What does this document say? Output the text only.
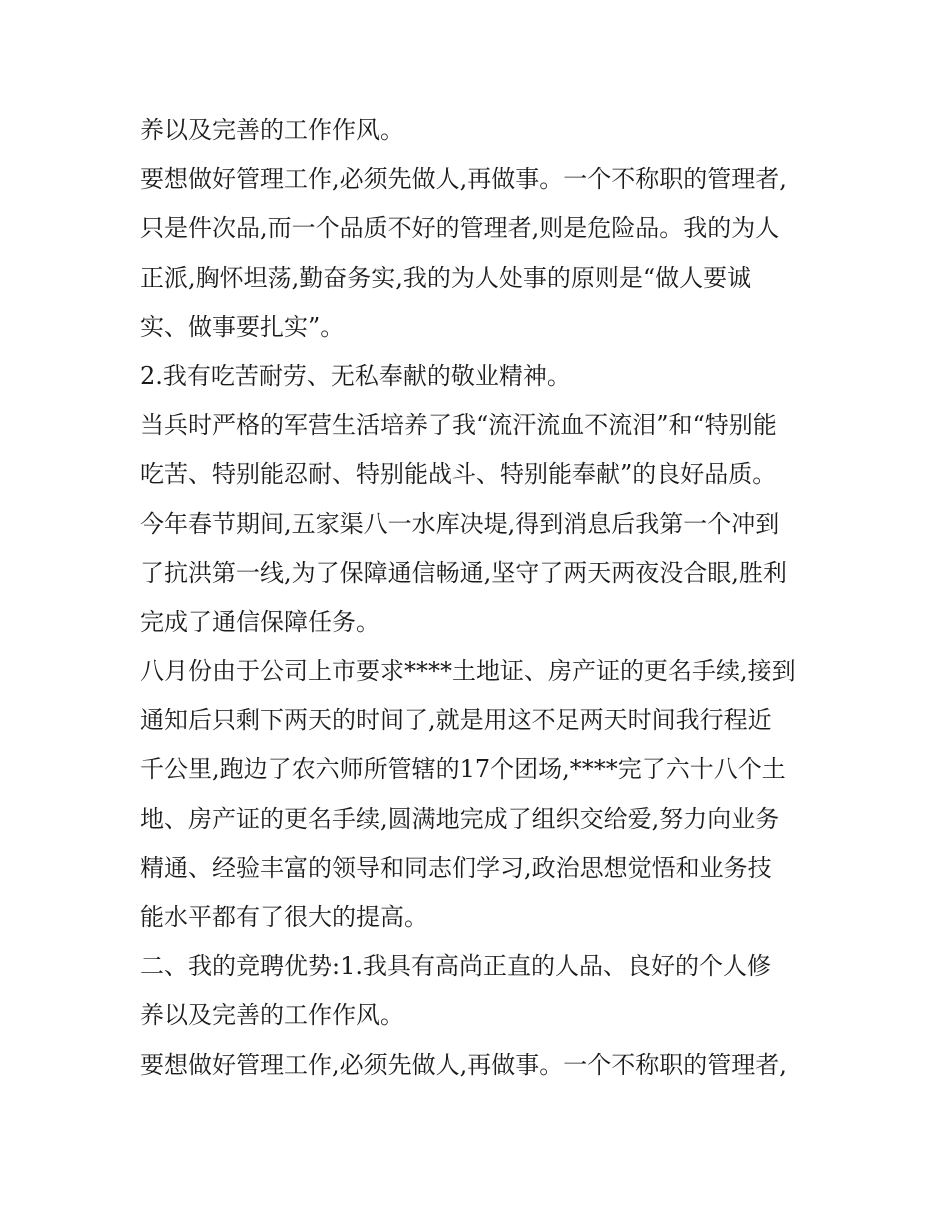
养以及完善的工作作风。
要想做好管理工作,必须先做人,再做事。一个不称职的管理者,
只是件次品,而一个品质不好的管理者,则是危险品。我的为人
正派,胸怀坦荡,勤奋务实,我的为人处事的原则是“做人要诚
实、做事要扎实”。
2.我有吃苦耐劳、无私奉献的敬业精神。
当兵时严格的军营生活培养了我“流汗流血不流泪”和“特别能
吃苦、特别能忍耐、特别能战斗、特别能奉献”的良好品质。
今年春节期间,五家渠八一水库决堤,得到消息后我第一个冲到
了抗洪第一线,为了保障通信畅通,坚守了两天两夜没合眼,胜利
完成了通信保障任务。
八月份由于公司上市要求****土地证、房产证的更名手续,接到
通知后只剩下两天的时间了,就是用这不足两天时间我行程近
千公里,跑边了农六师所管辖的17个团场,****完了六十八个土
地、房产证的更名手续,圆满地完成了组织交给爱,努力向业务
精通、经验丰富的领导和同志们学习,政治思想觉悟和业务技
能水平都有了很大的提高。
二、我的竞聘优势:1.我具有高尚正直的人品、良好的个人修
养以及完善的工作作风。
要想做好管理工作,必须先做人,再做事。一个不称职的管理者,
